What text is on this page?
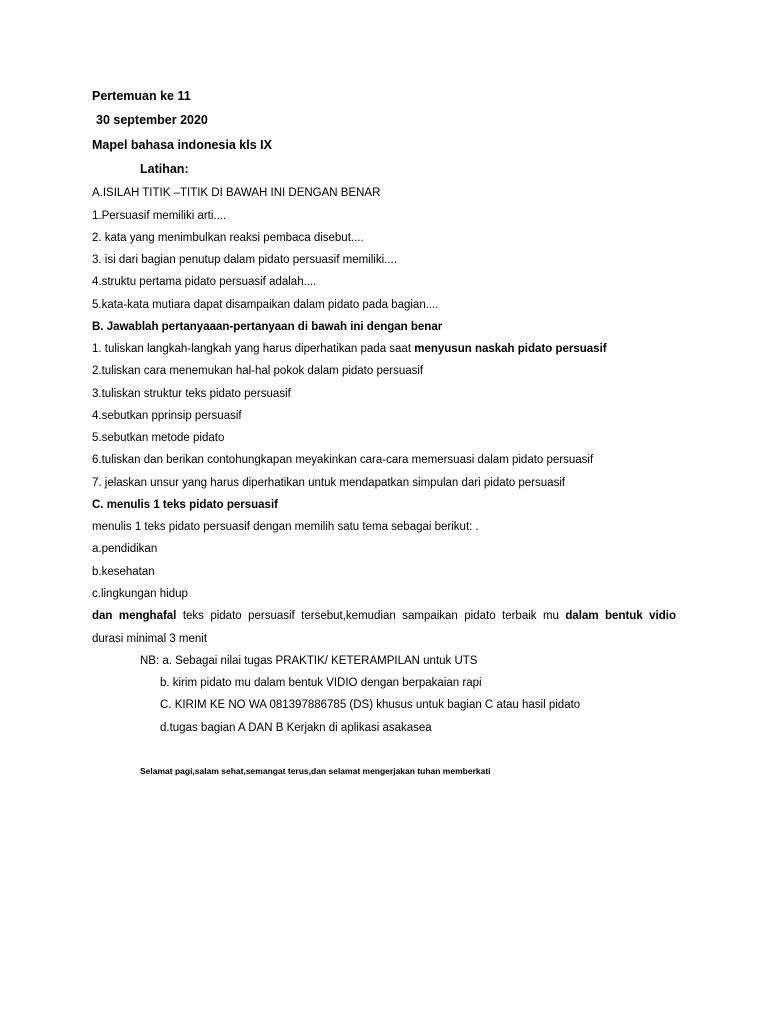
Pertemuan ke 11
30 september 2020
Mapel bahasa indonesia kls IX
Latihan:
A.ISILAH TITIK –TITIK DI BAWAH INI DENGAN BENAR
1.Persuasif memiliki arti....
2. kata yang menimbulkan reaksi pembaca disebut....
3. isi dari bagian penutup dalam pidato persuasif memiliki....
4.struktu pertama pidato persuasif adalah....
5.kata-kata mutiara dapat disampaikan dalam pidato pada bagian....
B. Jawablah pertanyaaan-pertanyaan di bawah ini dengan benar
1. tuliskan langkah-langkah yang harus diperhatikan pada saat menyusun naskah pidato persuasif
2.tuliskan cara menemukan hal-hal pokok dalam pidato persuasif
3.tuliskan struktur teks pidato persuasif
4.sebutkan pprinsip persuasif
5.sebutkan metode pidato
6.tuliskan dan berikan contohungkapan meyakinkan cara-cara memersuasi dalam pidato persuasif
7. jelaskan unsur yang harus diperhatikan untuk mendapatkan simpulan dari pidato persuasif
C. menulis 1 teks pidato persuasif
menulis 1 teks pidato persuasif dengan memilih satu tema sebagai berikut: .
a.pendidikan
b.kesehatan
c.lingkungan hidup
dan menghafal teks pidato persuasif tersebut,kemudian sampaikan pidato terbaik mu dalam bentuk vidio
durasi minimal 3 menit
NB: a. Sebagai nilai tugas PRAKTIK/ KETERAMPILAN untuk UTS
b. kirim pidato mu dalam bentuk VIDIO dengan berpakaian rapi
C. KIRIM KE NO WA 081397886785 (DS) khusus untuk bagian C atau hasil pidato
d.tugas bagian A DAN B Kerjakn di aplikasi asakasea
Selamat pagi,salam sehat,semangat terus,dan selamat mengerjakan tuhan memberkati
